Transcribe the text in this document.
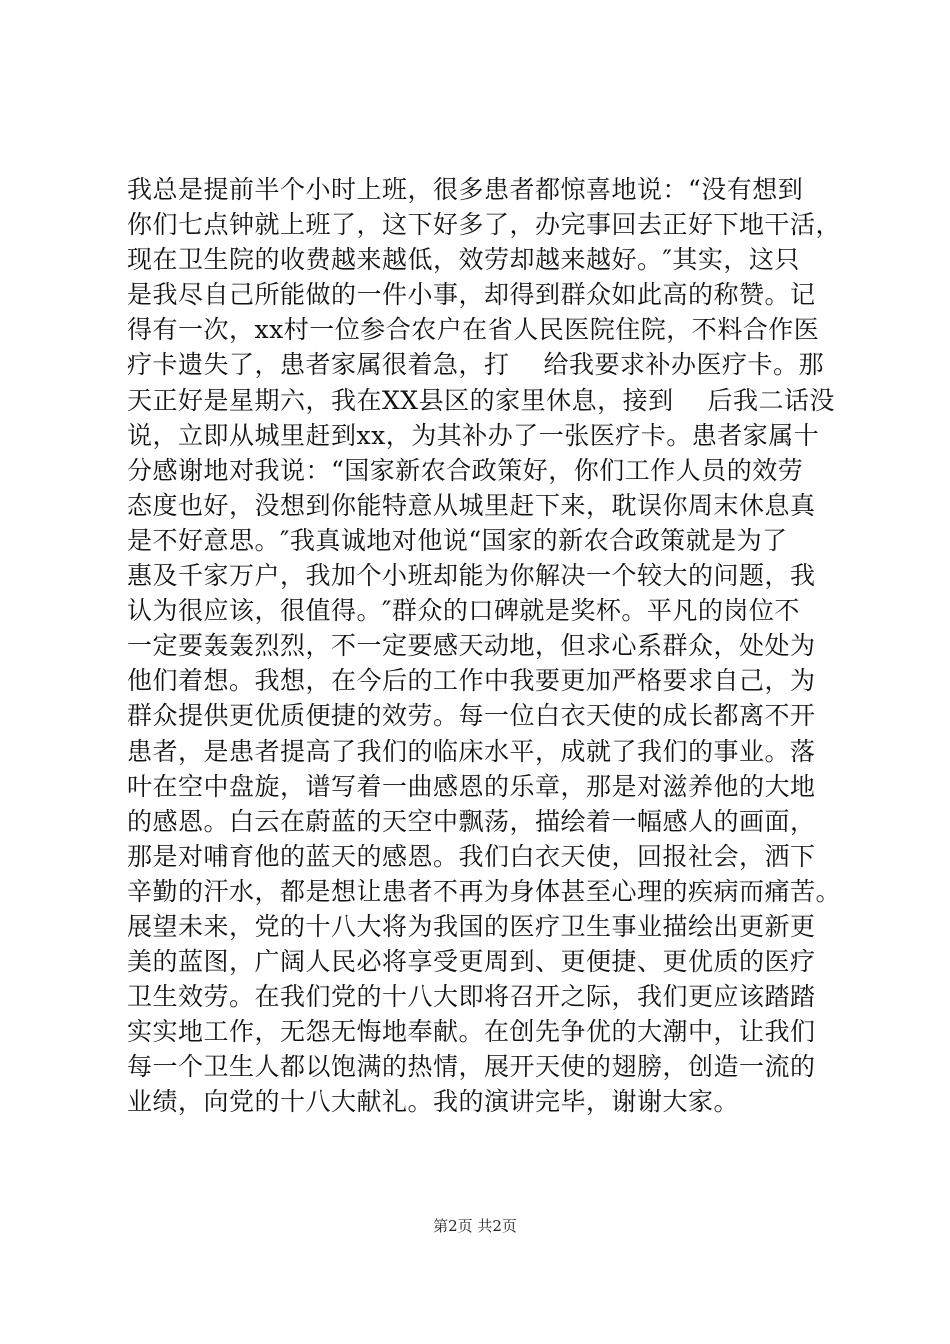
我总是提前半个小时上班，很多患者都惊喜地说：“没有想到
你们七点钟就上班了，这下好多了，办完事回去正好下地干活，
现在卫生院的收费越来越低，效劳却越来越好。″其实，这只
是我尽自己所能做的一件小事，却得到群众如此高的称赞。记
得有一次，xx村一位参合农户在省人民医院住院，不料合作医
疗卡遗失了，患者家属很着急，打　 给我要求补办医疗卡。那
天正好是星期六，我在XX县区的家里休息，接到　 后我二话没
说，立即从城里赶到xx，为其补办了一张医疗卡。患者家属十
分感谢地对我说：“国家新农合政策好，你们工作人员的效劳
态度也好，没想到你能特意从城里赶下来，耽误你周末休息真
是不好意思。″我真诚地对他说“国家的新农合政策就是为了
惠及千家万户，我加个小班却能为你解决一个较大的问题，我
认为很应该，很值得。″群众的口碑就是奖杯。平凡的岗位不
一定要轰轰烈烈，不一定要感天动地，但求心系群众，处处为
他们着想。我想，在今后的工作中我要更加严格要求自己，为
群众提供更优质便捷的效劳。每一位白衣天使的成长都离不开
患者，是患者提高了我们的临床水平，成就了我们的事业。落
叶在空中盘旋，谱写着一曲感恩的乐章，那是对滋养他的大地
的感恩。白云在蔚蓝的天空中飘荡，描绘着一幅感人的画面，
那是对哺育他的蓝天的感恩。我们白衣天使，回报社会，洒下
辛勤的汗水，都是想让患者不再为身体甚至心理的疾病而痛苦。
展望未来，党的十八大将为我国的医疗卫生事业描绘出更新更
美的蓝图，广阔人民必将享受更周到、更便捷、更优质的医疗
卫生效劳。在我们党的十八大即将召开之际，我们更应该踏踏
实实地工作，无怨无悔地奉献。在创先争优的大潮中，让我们
每一个卫生人都以饱满的热情，展开天使的翅膀，创造一流的
业绩，向党的十八大献礼。我的演讲完毕，谢谢大家。
第2页 共2页
